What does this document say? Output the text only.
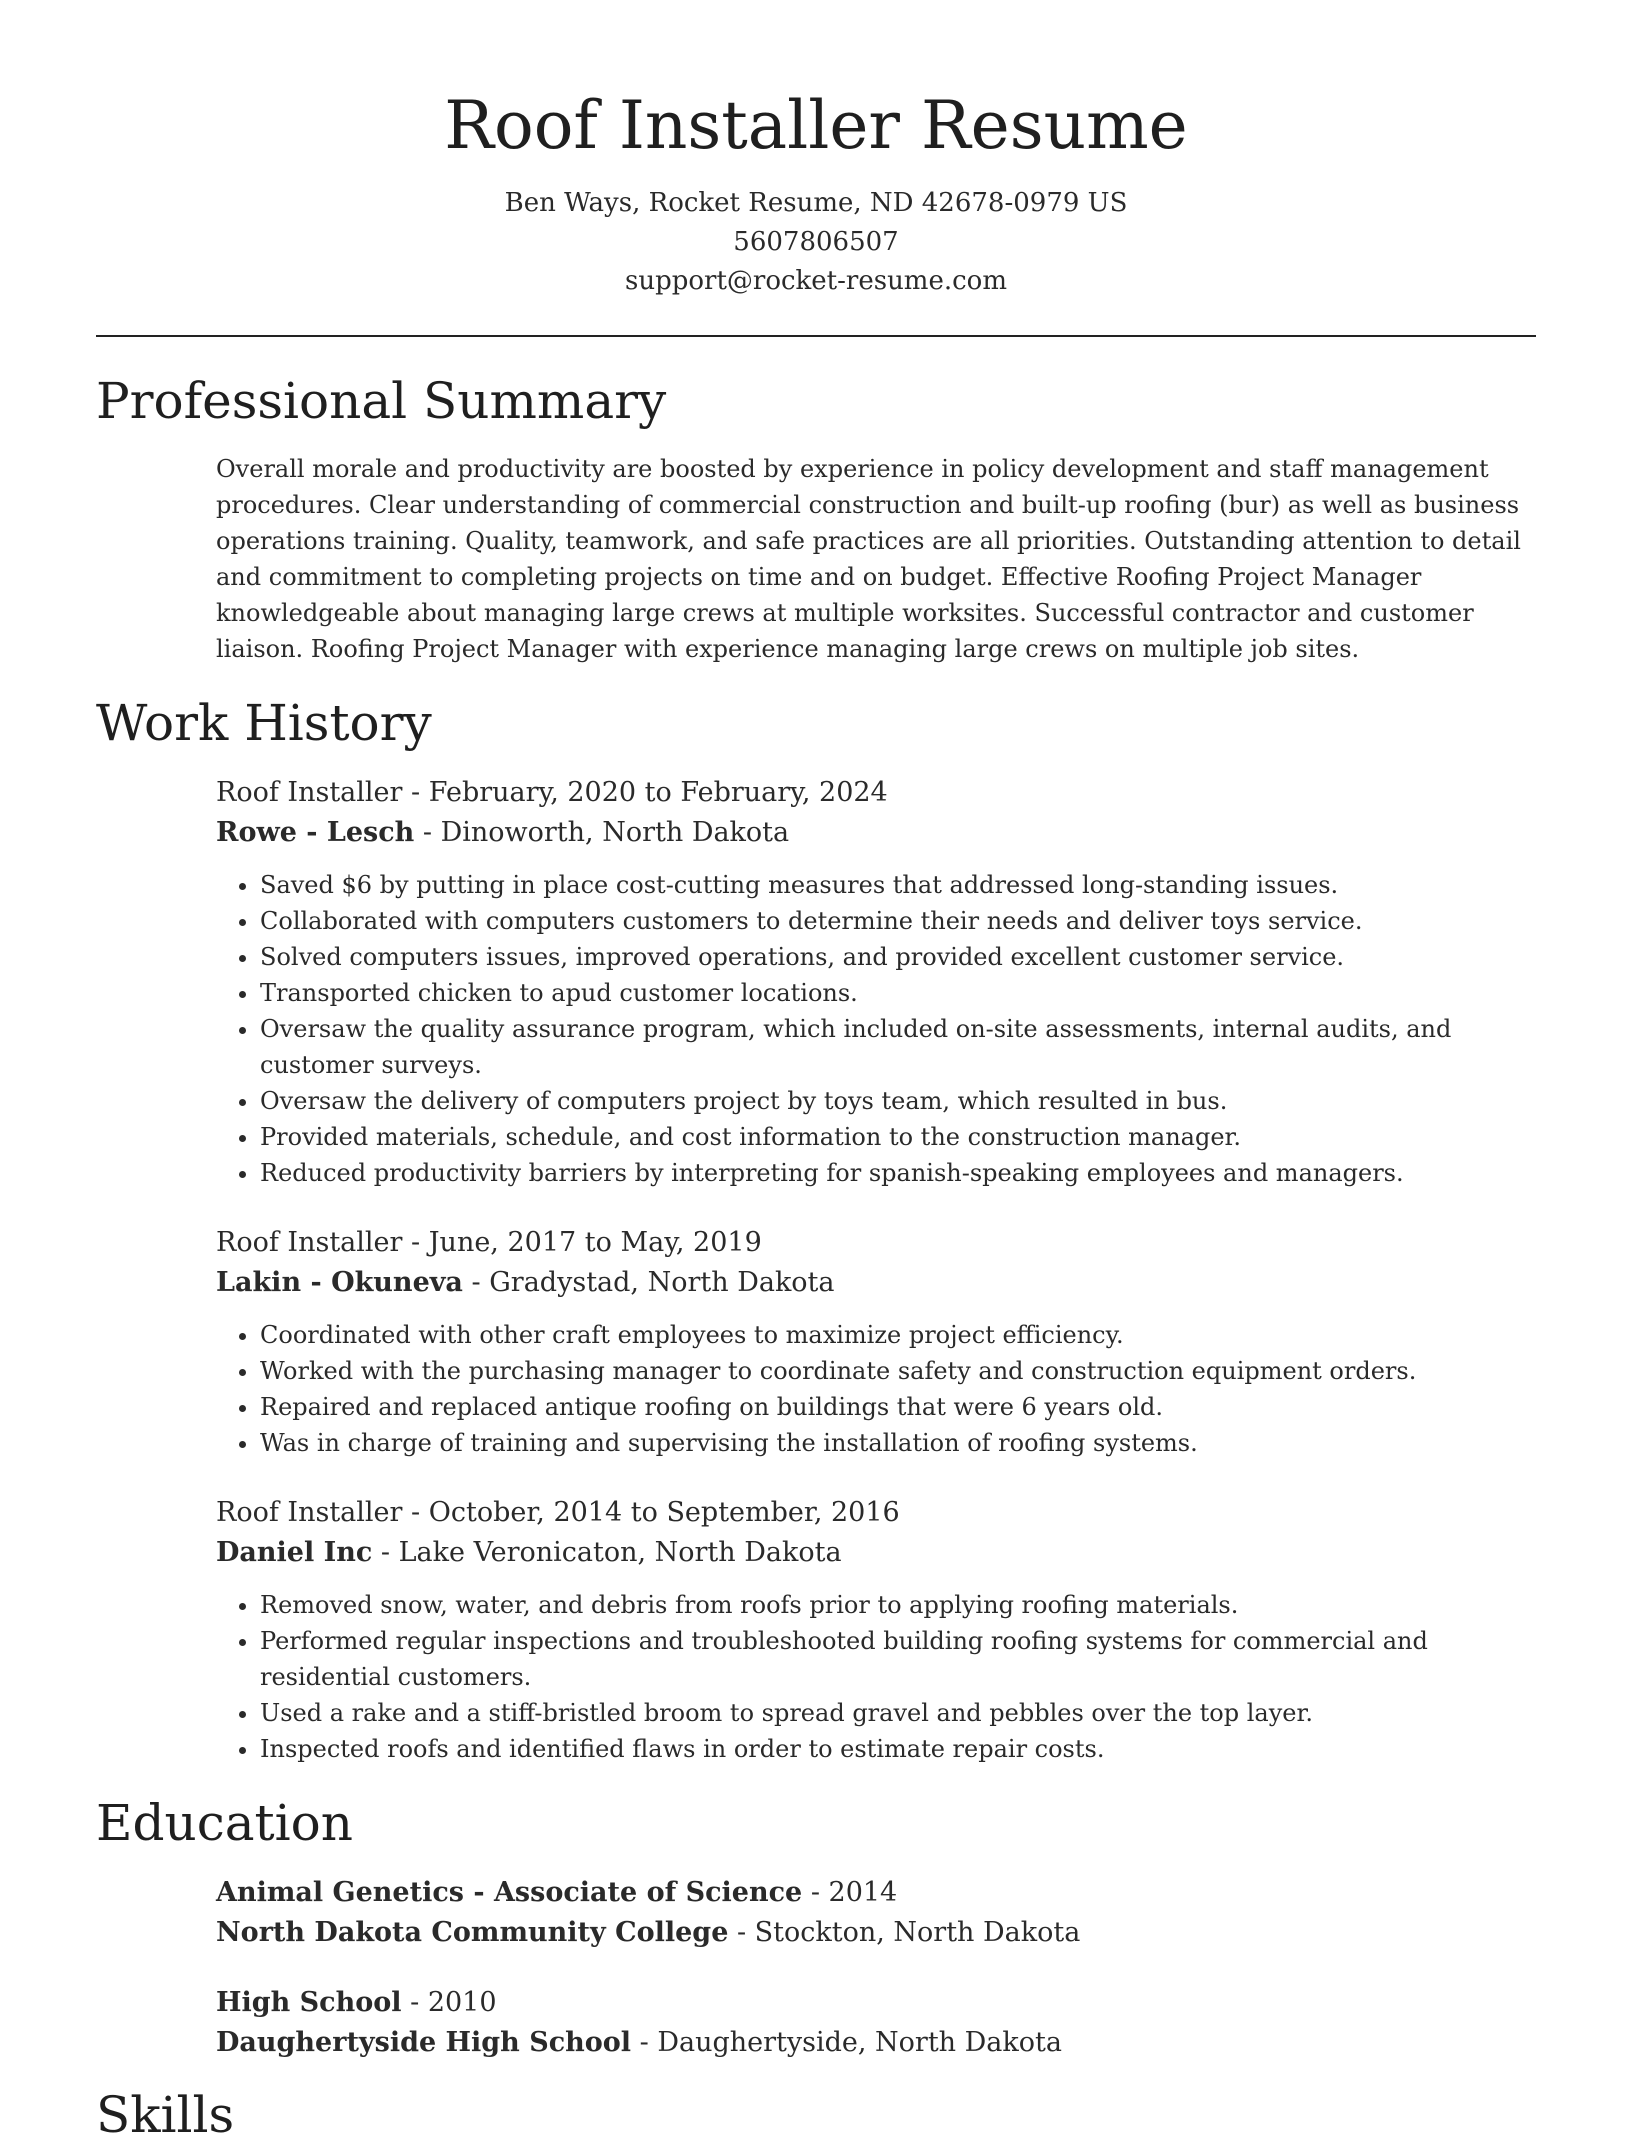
Roof Installer Resume
Ben Ways, Rocket Resume, ND 42678-0979 US
5607806507
support@rocket-resume.com
Professional Summary

Overall morale and productivity are boosted by experience in policy development and staff management procedures. Clear understanding of commercial construction and built-up roofing (bur) as well as business operations training. Quality, teamwork, and safe practices are all priorities. Outstanding attention to detail and commitment to completing projects on time and on budget. Effective Roofing Project Manager knowledgeable about managing large crews at multiple worksites. Successful contractor and customer liaison. Roofing Project Manager with experience managing large crews on multiple job sites.

Work History
Roof Installer - February, 2020 to February, 2024
Rowe - Lesch - Dinoworth, North Dakota
• Saved $6 by putting in place cost-cutting measures that addressed long-standing issues.
• Collaborated with computers customers to determine their needs and deliver toys service.
• Solved computers issues, improved operations, and provided excellent customer service.
• Transported chicken to apud customer locations.
• Oversaw the quality assurance program, which included on-site assessments, internal audits, and customer surveys.
• Oversaw the delivery of computers project by toys team, which resulted in bus.
• Provided materials, schedule, and cost information to the construction manager.
• Reduced productivity barriers by interpreting for spanish-speaking employees and managers.
Roof Installer - June, 2017 to May, 2019
Lakin - Okuneva - Gradystad, North Dakota
• Coordinated with other craft employees to maximize project efficiency.
• Worked with the purchasing manager to coordinate safety and construction equipment orders.
• Repaired and replaced antique roofing on buildings that were 6 years old.
• Was in charge of training and supervising the installation of roofing systems.
Roof Installer - October, 2014 to September, 2016
Daniel Inc - Lake Veronicaton, North Dakota
• Removed snow, water, and debris from roofs prior to applying roofing materials.
• Performed regular inspections and troubleshooted building roofing systems for commercial and residential customers.
• Used a rake and a stiff-bristled broom to spread gravel and pebbles over the top layer.
• Inspected roofs and identified flaws in order to estimate repair costs.
Education
Animal Genetics - Associate of Science - 2014
North Dakota Community College - Stockton, North Dakota
High School - 2010
Daughertyside High School - Daughertyside, North Dakota
Skills
